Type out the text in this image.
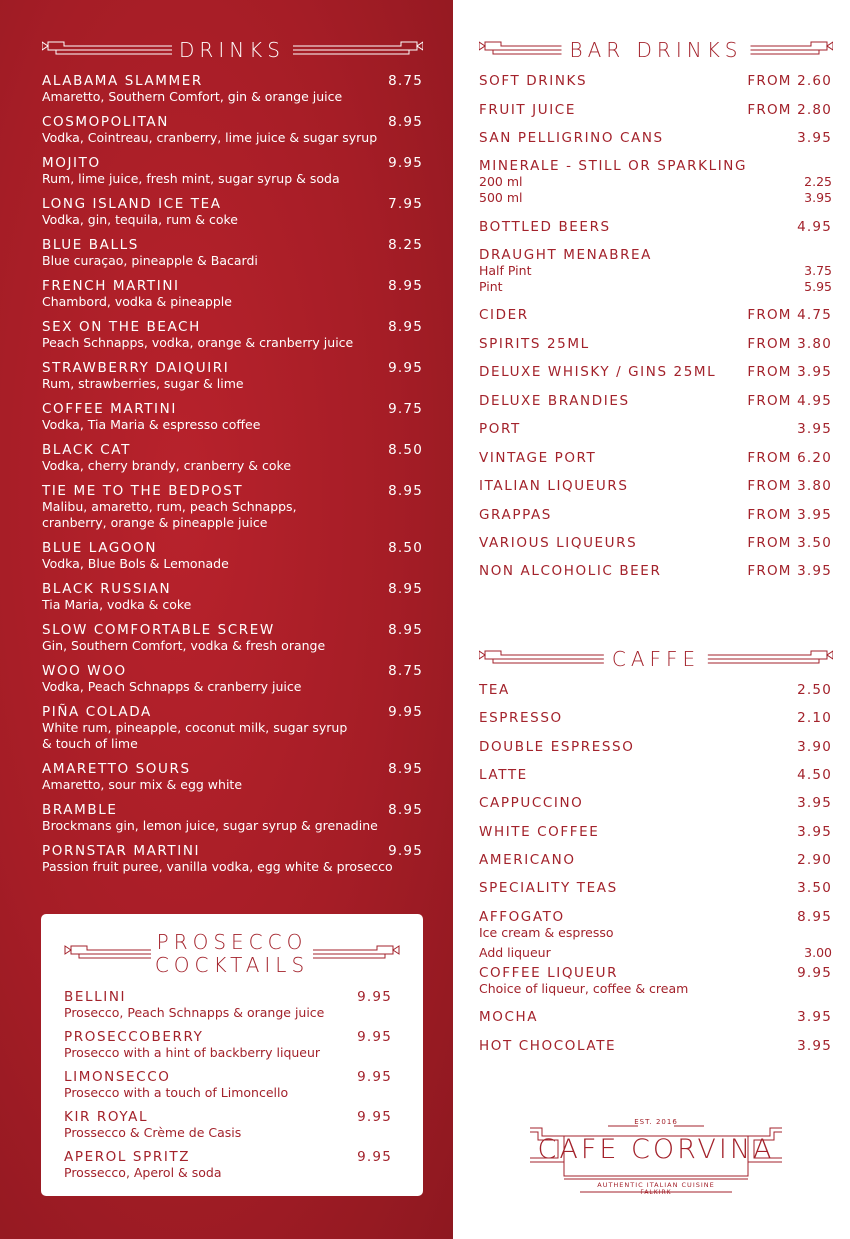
DRINKS
ALABAMA SLAMMER	8.75
Amaretto, Southern Comfort, gin & orange juice
COSMOPOLITAN	8.95
Vodka, Cointreau, cranberry, lime juice & sugar syrup
MOJITO	9.95
Rum, lime juice, fresh mint, sugar syrup & soda
LONG ISLAND ICE TEA	7.95
Vodka, gin, tequila, rum & coke
BLUE BALLS	8.25
Blue curaçao, pineapple & Bacardi
FRENCH MARTINI	8.95
Chambord, vodka & pineapple
SEX ON THE BEACH	8.95
Peach Schnapps, vodka, orange & cranberry juice
STRAWBERRY DAIQUIRI	9.95
Rum, strawberries, sugar & lime
COFFEE MARTINI	9.75
Vodka, Tia Maria & espresso coffee
BLACK CAT	8.50
Vodka, cherry brandy, cranberry & coke
TIE ME TO THE BEDPOST	8.95
Malibu, amaretto, rum, peach Schnapps,
cranberry, orange & pineapple juice
BLUE LAGOON	8.50
Vodka, Blue Bols & Lemonade
BLACK RUSSIAN	8.95
Tia Maria, vodka & coke
SLOW COMFORTABLE SCREW	8.95
Gin, Southern Comfort, vodka & fresh orange
WOO WOO	8.75
Vodka, Peach Schnapps & cranberry juice
PIÑA COLADA	9.95
White rum, pineapple, coconut milk, sugar syrup
& touch of lime
AMARETTO SOURS	8.95
Amaretto, sour mix & egg white
BRAMBLE	8.95
Brockmans gin, lemon juice, sugar syrup & grenadine
PORNSTAR MARTINI	9.95
Passion fruit puree, vanilla vodka, egg white & prosecco
PROSECCO
COCKTAILS
BELLINI	9.95
Prosecco, Peach Schnapps & orange juice
PROSECCOBERRY	9.95
Prosecco with a hint of backberry liqueur
LIMONSECCO	9.95
Prosecco with a touch of Limoncello
KIR ROYAL	9.95
Prossecco & Crème de Casis
APEROL SPRITZ	9.95
Prossecco, Aperol & soda
BAR DRINKS
SOFT DRINKS	FROM 2.60
FRUIT JUICE	FROM 2.80
SAN PELLIGRINO CANS	3.95
MINERALE - STILL OR SPARKLING
200 ml	2.25
500 ml	3.95
BOTTLED BEERS	4.95
DRAUGHT MENABREA
Half Pint	3.75
Pint	5.95
CIDER	FROM 4.75
SPIRITS 25ML	FROM 3.80
DELUXE WHISKY / GINS 25ML	FROM 3.95
DELUXE BRANDIES	FROM 4.95
PORT	3.95
VINTAGE PORT	FROM 6.20
ITALIAN LIQUEURS	FROM 3.80
GRAPPAS	FROM 3.95
VARIOUS LIQUEURS	FROM 3.50
NON ALCOHOLIC BEER	FROM 3.95
CAFFE
TEA	2.50
ESPRESSO	2.10
DOUBLE ESPRESSO	3.90
LATTE	4.50
CAPPUCCINO	3.95
WHITE COFFEE	3.95
AMERICANO	2.90
SPECIALITY TEAS	3.50
AFFOGATO	8.95
Ice cream & espresso
Add liqueur	3.00
COFFEE LIQUEUR	9.95
Choice of liqueur, coffee & cream
MOCHA	3.95
HOT CHOCOLATE	3.95
EST. 2016
CAFE CORVINA
AUTHENTIC ITALIAN CUISINE
FALKIRK
